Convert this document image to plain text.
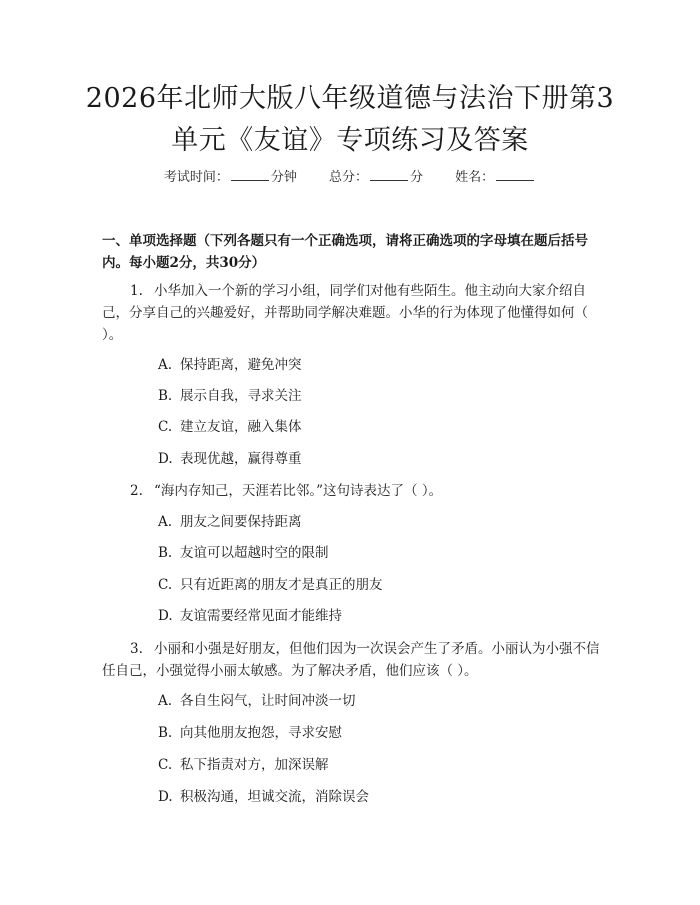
2026年北师大版八年级道德与法治下册第3
单元《友谊》专项练习及答案
考试时间：	分钟 总分：	分 姓名：

一、单项选择题（下列各题只有一个正确选项，请将正确选项的字母填在题后括号内。每小题2分，共30分）

1. 小华加入一个新的学习小组，同学们对他有些陌生。他主动向大家介绍自己，分享自己的兴趣爱好，并帮助同学解决难题。小华的行为体现了他懂得如何（ ）。

A. 保持距离，避免冲突

B. 展示自我，寻求关注

C. 建立友谊，融入集体

D. 表现优越，赢得尊重

2. “海内存知己，天涯若比邻。”这句诗表达了（ ）。

A. 朋友之间要保持距离

B. 友谊可以超越时空的限制

C. 只有近距离的朋友才是真正的朋友

D. 友谊需要经常见面才能维持

3. 小丽和小强是好朋友，但他们因为一次误会产生了矛盾。小丽认为小强不信任自己，小强觉得小丽太敏感。为了解决矛盾，他们应该（ ）。

A. 各自生闷气，让时间冲淡一切

B. 向其他朋友抱怨，寻求安慰

C. 私下指责对方，加深误解

D. 积极沟通，坦诚交流，消除误会
